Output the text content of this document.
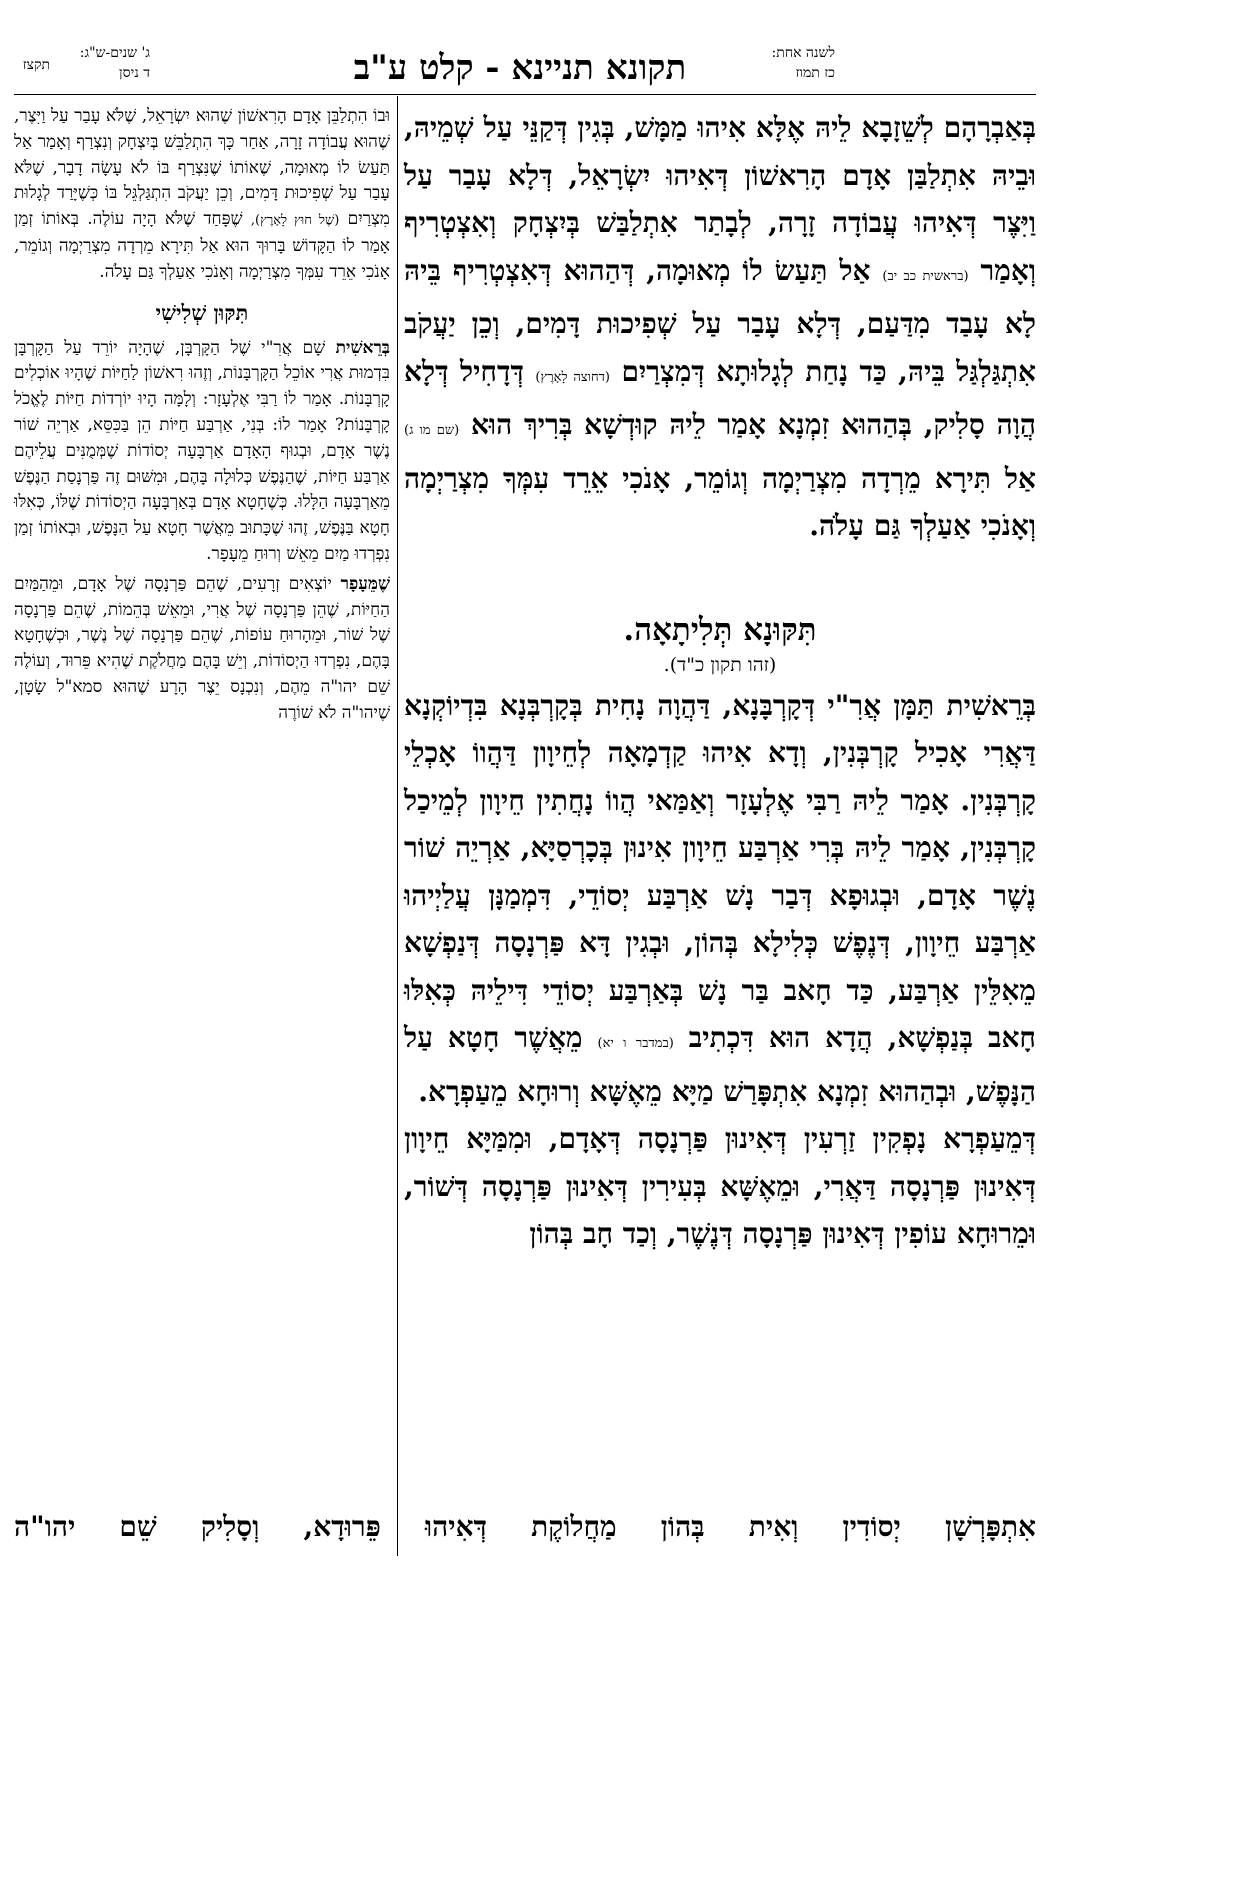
לשנה אחת:
כז תמוז
תקונא תניינא - קלט ע"ב
ג' שנים-ש"ג:
ד ניסן
תקצז

בְּאַבְרָהָם לְשֵׁזָבָא לֵיהּ אֶלָּא אִיהוּ מַמָּשׁ, בְּגִין דְּקַנֵּי עַל שְׁמֵיהּ, וּבֵיהּ אִתְלַבַּן אָדָם הָרִאשׁוֹן דְּאִיהוּ יִשְׂרָאֵל, דְּלָא עָבַר עַל וַיִּצֶר דְּאִיהוּ עֲבוֹדָה זָרָה, לְבָתַר אִתְלַבַּשׁ בְּיִצְחָק וְאִצְטְרִיף וְאָמַר (בראשית כב יב) אַל תַּעַשׂ לוֹ מְאוּמָה, דְּהַהוּא דְּאִצְטְרִיף בֵּיהּ לָא עָבַד מִדַּעַם, דְּלָא עָבַר עַל שְׁפִיכוּת דָּמִים, וְכֵן יַעֲקֹב אִתְגַּלְגַּל בֵּיהּ, כַּד נָחַת לְגָלוּתָא דְּמִצְרַיִם (דחוצה לָאָרֶץ) דְּדָחִיל דְּלָא הֲוָה סָלִיק, בְּהַהוּא זִמְנָא אָמַר לֵיהּ קוּדְשָׁא בְּרִיךְ הוּא (שם מו ג) אַל תִּירָא מֵרְדָה מִצְרַיְמָה וְגוֹמֵר, אָנֹכִי אֵרֵד עִמְּךָ מִצְרַיְמָה וְאָנֹכִי אַעַלְךָ גַּם עָלֹה.

תִּקּוּנָא תְּלִיתָאָה.
(זהו תקון כ"ד).

בְּרֵאשִׁית תַּמָּן אֲרִ"י דְּקָרְבָּנָא, דַּהֲוָה נָחִית בְּקָרְבְּנָא בִּדְיוֹקְנָא דַּאֲרִי אָכִיל קָרְבְּנִין, וְדָא אִיהוּ קַדְמָאָה לְחֵיוָון דַּהֲווֹ אָכְלֵי קָרְבְּנִין. אָמַר לֵיהּ רַבִּי אֶלְעָזָר וְאַמַּאי הֲווֹ נָחֲתִין חֵיוָון לְמֵיכַל קָרְבְּנִין, אָמַר לֵיהּ בְּרִי אַרְבַּע חֵיוָון אִינוּן בְּכָרְסַיָּא, אַרְיֵה שׁוֹר נֶשֶׁר אָדָם, וּבְגוּפָא דְּבַר נָשׁ אַרְבַּע יְסוֹדֵי, דִּמְמַנָּן עֲלַיְיהוּ אַרְבַּע חֵיוָון, דְּנֶפֶשׁ כְּלִילָא בְּהוֹן, וּבְגִין דָּא פַּרְנָסָה דְּנַפְשָׁא מֵאִלֵּין אַרְבַּע, כַּד חָאב בַּר נָשׁ בְּאַרְבַּע יְסוֹדֵי דִּילֵיהּ כְּאִלּוּ חָאב בְּנַפְשָׁא, הֲדָא הוּא דִּכְתִיב (במדבר ו יא) מֵאֲשֶׁר חָטָא עַל הַנָּפֶשׁ, וּבְהַהוּא זִמְנָא אִתְפָּרַשׁ מַיָּא מֵאֶשָּׁא וְרוּחָא מֵעַפְרָא.

דְּמֵעַפְרָא נָפְקִין זַרְעִין דְּאִינוּן פַּרְנָסָה דְּאָדָם, וּמִמַּיָּא חֵיוָון דְּאִינוּן פַּרְנָסָה דַּאֲרִי, וּמֵאֶשָּׁא בְּעִירִין דְּאִינוּן פַּרְנָסָה דְּשׁוֹר, וּמֵרוּחָא עוֹפִין דְּאִינוּן פַּרְנָסָה דְּנֶשֶׁר, וְכַד חָב בְּהוֹן

וּבוֹ הִתְלַבֵּן אָדָם הָרִאשׁוֹן שֶׁהוּא יִשְׂרָאֵל, שֶׁלֹּא עָבַר עַל וַיִּצֶר, שֶׁהוּא עֲבוֹדָה זָרָה, אַחַר כָּךְ הִתְלַבֵּשׁ בְּיִצְחָק וְנִצְרַף וְאָמַר אַל תַּעַשׂ לוֹ מְאוּמָה, שֶׁאוֹתוֹ שֶׁנִּצְרַף בּוֹ לֹא עָשָׂה דָבָר, שֶׁלֹּא עָבַר עַל שְׁפִיכוּת דָּמִים, וְכֵן יַעֲקֹב הִתְגַּלְגֵּל בּוֹ כְּשֶׁיָּרַד לְגָלוּת מִצְרַיִם (שֶׁל חוּץ לָאָרֶץ), שֶׁפָּחַד שֶׁלֹּא הָיָה עוֹלֶה. בְּאוֹתוֹ זְמַן אָמַר לוֹ הַקָּדוֹשׁ בָּרוּךְ הוּא אַל תִּירָא מֵרְדָה מִצְרַיְמָה וְגוֹמֵר, אָנֹכִי אֵרֵד עִמְּךָ מִצְרַיְמָה וְאָנֹכִי אַעַלְךָ גַּם עָלֹה.

תִּקּוּן שְׁלִישִׁי

בְּרֵאשִׁית שָׁם אֲרִ"י שֶׁל הַקָּרְבָּן, שֶׁהָיָה יוֹרֵד עַל הַקָּרְבָּן בִּדְמוּת אֲרִי אוֹכֵל הַקָּרְבָּנוֹת, וְזֶהוּ רִאשׁוֹן לַחַיּוֹת שֶׁהָיוּ אוֹכְלִים קָרְבָּנוֹת. אָמַר לוֹ רַבִּי אֶלְעָזָר: וְלָמָּה הָיוּ יוֹרְדוֹת חַיּוֹת לֶאֱכֹל קָרְבָּנוֹת? אָמַר לוֹ: בְּנִי, אַרְבַּע חַיּוֹת הֵן בַּכִּסֵּא, אַרְיֵה שׁוֹר נֶשֶׁר אָדָם, וּבְגוּף הָאָדָם אַרְבָּעָה יְסוֹדוֹת שֶׁמְּמֻנִּים עֲלֵיהֶם אַרְבַּע חַיּוֹת, שֶׁהַנֶּפֶשׁ כְּלוּלָה בָּהֶם, וּמִשּׁוּם זֶה פַּרְנָסַת הַנֶּפֶשׁ מֵאַרְבָּעָה הַלָּלוּ. כְּשֶׁחָטָא אָדָם בְּאַרְבָּעָה הַיְסוֹדוֹת שֶׁלּוֹ, כְּאִלּוּ חָטָא בַּנֶּפֶשׁ, זֶהוּ שֶׁכָּתוּב מֵאֲשֶׁר חָטָא עַל הַנָּפֶשׁ, וּבְאוֹתוֹ זְמַן נִפְרְדוּ מַיִם מֵאֵשׁ וְרוּחַ מֵעָפָר.

שֶׁמֵּעָפָר יוֹצְאִים זְרָעִים, שֶׁהֵם פַּרְנָסָה שֶׁל אָדָם, וּמֵהַמַּיִם הַחַיּוֹת, שֶׁהֵן פַּרְנָסָה שֶׁל אֲרִי, וּמֵאֵשׁ בְּהֵמוֹת, שֶׁהֵם פַּרְנָסָה שֶׁל שׁוֹר, וּמֵהָרוּחַ עוֹפוֹת, שֶׁהֵם פַּרְנָסָה שֶׁל נֶשֶׁר, וּכְשֶׁחָטָא בָּהֶם, נִפְרְדוּ הַיְסוֹדוֹת, וְיֵשׁ בָּהֶם מַחֲלֹקֶת שֶׁהִיא פֵּרוּד, וְעוֹלֶה שֵׁם יהו"ה מֵהֶם, וְנִכְנָס יֵצֶר הָרָע שֶׁהוּא סמא"ל שָׂטָן, שֶׁיהו"ה לֹא שׁוֹרֶה

אִתְפָּרְשָׁן יְסוֹדִין וְאִית בְּהוֹן מַחֲלוֹקֶת דְּאִיהוּ פֵּרוּדָא, וְסָלִיק שֵׁם יהו"ה
